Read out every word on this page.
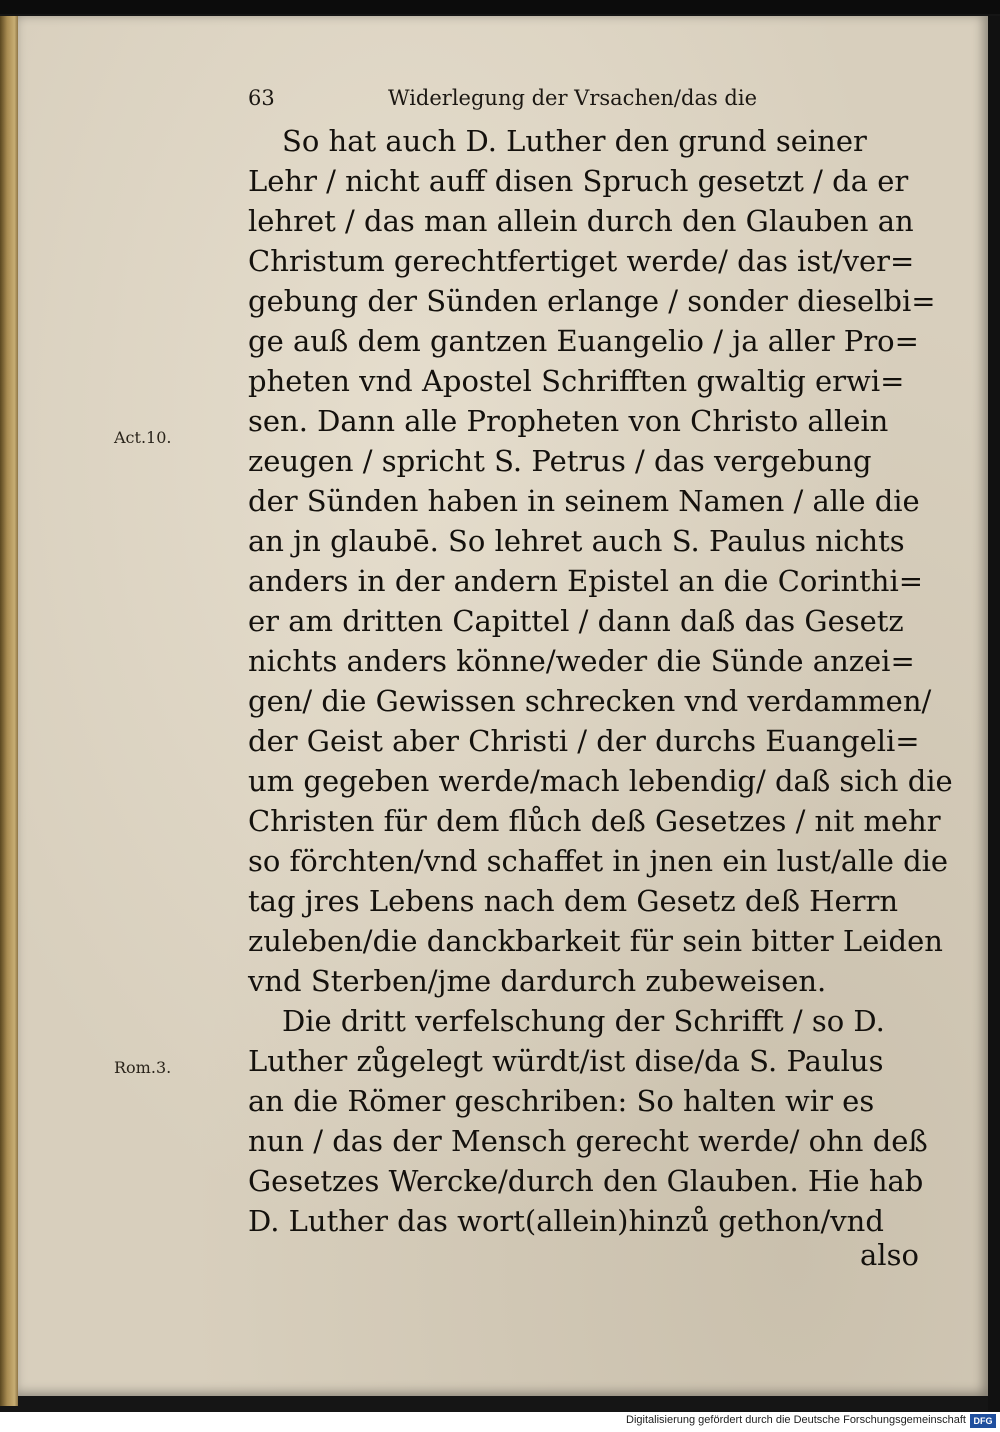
63	Widerlegung der Vrsachen/das die
Act.10.
Rom.3.
So hat auch D. Luther den grund seiner
Lehr / nicht auff disen Spruch gesetzt / da er
lehret / das man allein durch den Glauben an
Christum gerechtfertiget werde/ das ist/ver=
gebung der Sünden erlange / sonder dieselbi=
ge auß dem gantzen Euangelio / ja aller Pro=
pheten vnd Apostel Schrifften gwaltig erwi=
sen. Dann alle Propheten von Christo allein
zeugen / spricht S. Petrus / das vergebung
der Sünden haben in seinem Namen / alle die
an jn glaubē. So lehret auch S. Paulus nichts
anders in der andern Epistel an die Corinthi=
er am dritten Capittel / dann daß das Gesetz
nichts anders könne/weder die Sünde anzei=
gen/ die Gewissen schrecken vnd verdammen/
der Geist aber Christi / der durchs Euangeli=
um gegeben werde/mach lebendig/ daß sich die
Christen für dem flůch deß Gesetzes / nit mehr
so förchten/vnd schaffet in jnen ein lust/alle die
tag jres Lebens nach dem Gesetz deß Herrn
zuleben/die danckbarkeit für sein bitter Leiden
vnd Sterben/jme dardurch zubeweisen.
Die dritt verfelschung der Schrifft / so D.
Luther zůgelegt würdt/ist dise/da S. Paulus
an die Römer geschriben: So halten wir es
nun / das der Mensch gerecht werde/ ohn deß
Gesetzes Wercke/durch den Glauben. Hie hab
D. Luther das wort(allein)hinzů gethon/vnd
also
Digitalisierung gefördert durch die Deutsche Forschungsgemeinschaft DFG
